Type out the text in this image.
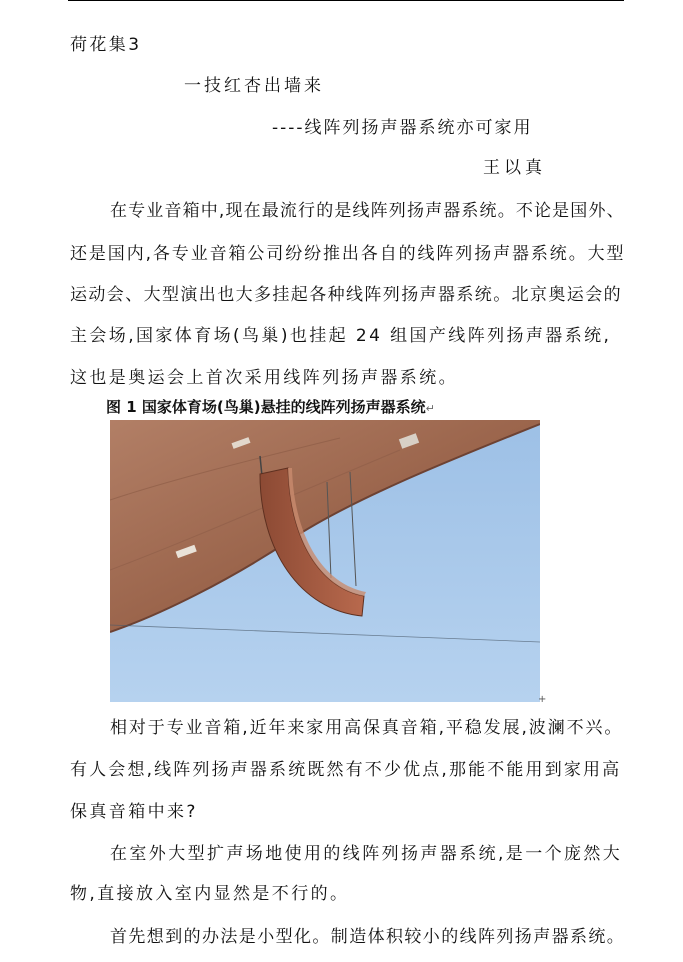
荷花集3
一技红杏出墙来
----线阵列扬声器系统亦可家用
王以真
在专业音箱中,现在最流行的是线阵列扬声器系统。不论是国外、
还是国内,各专业音箱公司纷纷推出各自的线阵列扬声器系统。大型
运动会、大型演出也大多挂起各种线阵列扬声器系统。北京奥运会的
主会场,国家体育场(鸟巢)也挂起 24 组国产线阵列扬声器系统,
这也是奥运会上首次采用线阵列扬声器系统。
图 1 国家体育场(鸟巢)悬挂的线阵列扬声器系统↵
+
相对于专业音箱,近年来家用高保真音箱,平稳发展,波澜不兴。
有人会想,线阵列扬声器系统既然有不少优点,那能不能用到家用高
保真音箱中来?
在室外大型扩声场地使用的线阵列扬声器系统,是一个庞然大
物,直接放入室内显然是不行的。
首先想到的办法是小型化。制造体积较小的线阵列扬声器系统。
